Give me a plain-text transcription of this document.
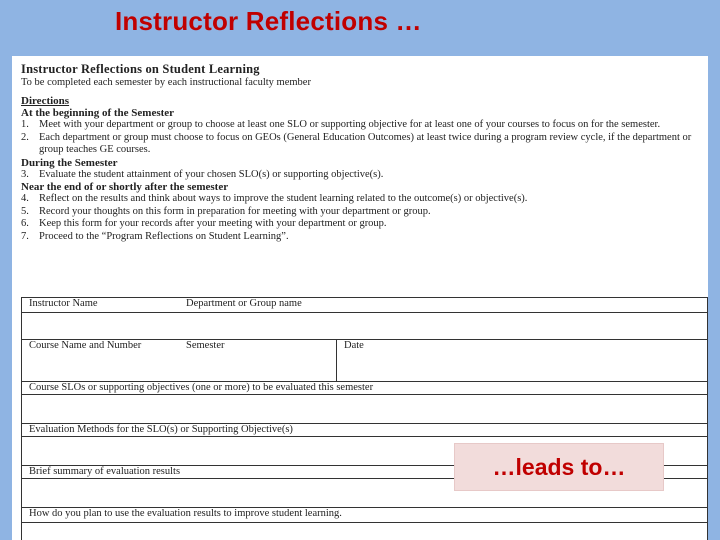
Instructor Reflections …
Instructor Reflections on Student Learning
To be completed each semester by each instructional faculty member
Directions
At the beginning of the Semester
1. Meet with your department or group to choose at least one SLO or supporting objective for at least one of your courses to focus on for the semester.
2. Each department or group must choose to focus on GEOs (General Education Outcomes) at least twice during a program review cycle, if the department or group teaches GE courses.
During the Semester
3. Evaluate the student attainment of your chosen SLO(s) or supporting objective(s).
Near the end of or shortly after the semester
4. Reflect on the results and think about ways to improve the student learning related to the outcome(s) or objective(s).
5. Record your thoughts on this form in preparation for meeting with your department or group.
6. Keep this form for your records after your meeting with your department or group.
7. Proceed to the “Program Reflections on Student Learning”.
Instructor Name	Department or Group name
Course Name and Number	Semester	Date
Course SLOs or supporting objectives (one or more) to be evaluated this semester
Evaluation Methods for the SLO(s) or Supporting Objective(s)
Brief summary of evaluation results
How do you plan to use the evaluation results to improve student learning.
…leads to…
